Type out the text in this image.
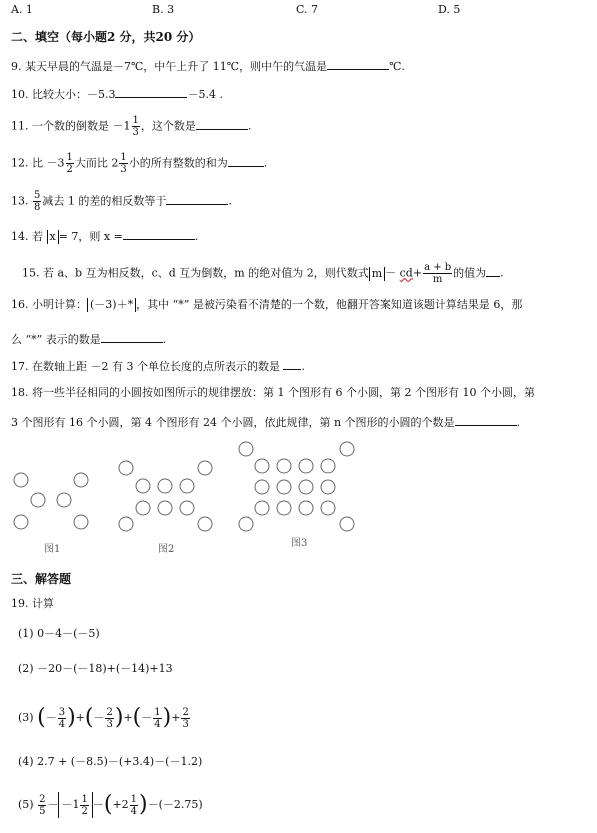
A. 1	B. 3	C. 7	D. 5
二、填空（每小题2 分，共20 分）
9. 某天早晨的气温是－7℃，中午上升了 11℃，则中午的气温是	℃.
10. 比较大小：－5.3	－5.4 .
11. 一个数的倒数是 $-1 \frac{1}{3}$ ，这个数是	.
12. 比 $-3 \frac{1}{2}$ 大而比 $2 \frac{1}{3}$ 小的所有整数的和为	.
13. $\frac{5}{8}$ 减去 1 的差的相反数等于	.
14. 若 x = 7，则 x =	.
15. 若 a、b 互为相反数，c、d 互为倒数，m 的绝对值为 2，则代数式 $m - cd+ \frac{a + b}{m}$ 的值为 .
16. 小明计算： (－3)＋* ，其中 “*” 是被污染看不清楚的一个数，他翻开答案知道该题计算结果是 6，那
么 “*” 表示的数是	.
17. 在数轴上距 －2 有 3 个单位长度的点所表示的数是 .
18. 将一些半径相同的小圆按如图所示的规律摆放：第 1 个图形有 6 个小圆，第 2 个图形有 10 个小圆，第
3 个图形有 16 个小圆，第 4 个图形有 24 个小圆，依此规律，第 n 个图形的小圆的个数是	.
图1	图2
图3
三、解答题
19. 计算
(1) 0－4－(－5)
(2) －20－(－18)+(－14)+13
(3) (－ $\frac{3}{4}$ )+(－ $\frac{2}{3}$ )+(－ $\frac{1}{4}$ )+ $\frac{2}{3}$
(4) 2.7 + (－8.5)－(+3.4)－(－1.2)
$(5) \frac{2}{5} - -1 \frac{1}{2} -(+2 \frac{1}{4} )-(-2.75)$
